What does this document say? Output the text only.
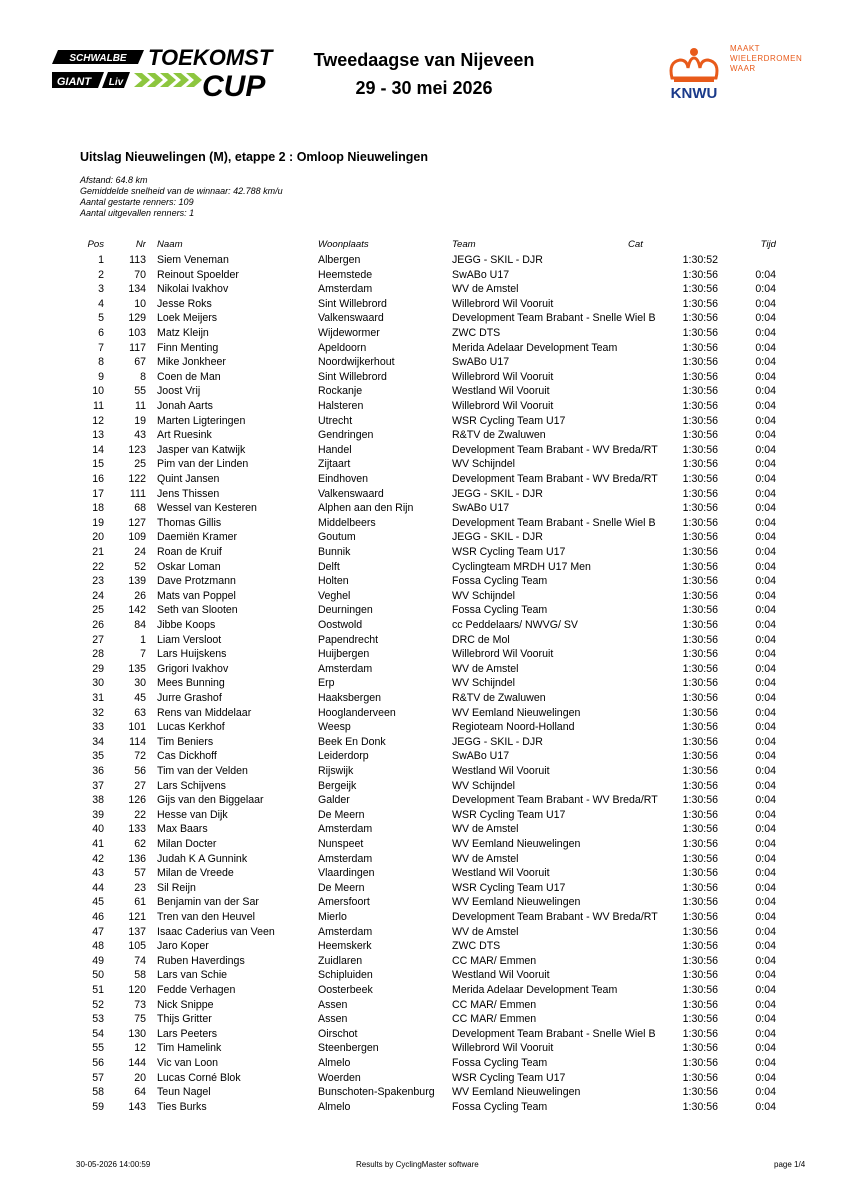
SCHWALBE TOEKOMST
GIANT Liv	CUP
Tweedaagse van Nijeveen
29 - 30 mei 2026	KNWU
MAAKT
WIELERDROMEN
WAAR
Uitslag Nieuwelingen (M), etappe 2 : Omloop Nieuwelingen
Afstand: 64.8 km
Gemiddelde snelheid van de winnaar: 42.788 km/u
Aantal gestarte renners: 109
Aantal uitgevallen renners: 1
Pos	Nr Naam	Woonplaats	Team	Cat	Tijd
1	113 Siem Veneman	Albergen	JEGG - SKIL - DJR	1:30:52
2	70 Reinout Spoelder	Heemstede	SwABo U17	1:30:56	0:04
3	134 Nikolai Ivakhov	Amsterdam	WV de Amstel	1:30:56	0:04
4	10 Jesse Roks	Sint Willebrord	Willebrord Wil Vooruit	1:30:56	0:04
5	129 Loek Meijers	Valkenswaard	Development Team Brabant - Snelle Wiel B	1:30:56	0:04
6	103 Matz Kleijn	Wijdewormer	ZWC DTS	1:30:56	0:04
7	117 Finn Menting	Apeldoorn	Merida Adelaar Development Team	1:30:56	0:04
8	67 Mike Jonkheer	Noordwijkerhout	SwABo U17	1:30:56	0:04
9	8 Coen de Man	Sint Willebrord	Willebrord Wil Vooruit	1:30:56	0:04
10	55 Joost Vrij	Rockanje	Westland Wil Vooruit	1:30:56	0:04
11	11 Jonah Aarts	Halsteren	Willebrord Wil Vooruit	1:30:56	0:04
12	19 Marten Ligteringen	Utrecht	WSR Cycling Team U17	1:30:56	0:04
13	43 Art Ruesink	Gendringen	R&TV de Zwaluwen	1:30:56	0:04
14	123 Jasper van Katwijk	Handel	Development Team Brabant - WV Breda/RT	1:30:56	0:04
15	25 Pim van der Linden	Zijtaart	WV Schijndel	1:30:56	0:04
16	122 Quint Jansen	Eindhoven	Development Team Brabant - WV Breda/RT	1:30:56	0:04
17	111 Jens Thissen	Valkenswaard	JEGG - SKIL - DJR	1:30:56	0:04
18	68 Wessel van Kesteren	Alphen aan den Rijn	SwABo U17	1:30:56	0:04
19	127 Thomas Gillis	Middelbeers	Development Team Brabant - Snelle Wiel B	1:30:56	0:04
20	109 Daemiën Kramer	Goutum	JEGG - SKIL - DJR	1:30:56	0:04
21	24 Roan de Kruif	Bunnik	WSR Cycling Team U17	1:30:56	0:04
22	52 Oskar Loman	Delft	Cyclingteam MRDH U17 Men	1:30:56	0:04
23	139 Dave Protzmann	Holten	Fossa Cycling Team	1:30:56	0:04
24	26 Mats van Poppel	Veghel	WV Schijndel	1:30:56	0:04
25	142 Seth van Slooten	Deurningen	Fossa Cycling Team	1:30:56	0:04
26	84 Jibbe Koops	Oostwold	cc Peddelaars/ NWVG/ SV	1:30:56	0:04
27	1 Liam Versloot	Papendrecht	DRC de Mol	1:30:56	0:04
28	7 Lars Huijskens	Huijbergen	Willebrord Wil Vooruit	1:30:56	0:04
29	135 Grigori Ivakhov	Amsterdam	WV de Amstel	1:30:56	0:04
30	30 Mees Bunning	Erp	WV Schijndel	1:30:56	0:04
31	45 Jurre Grashof	Haaksbergen	R&TV de Zwaluwen	1:30:56	0:04
32	63 Rens van Middelaar	Hooglanderveen	WV Eemland Nieuwelingen	1:30:56	0:04
33	101 Lucas Kerkhof	Weesp	Regioteam Noord-Holland	1:30:56	0:04
34	114 Tim Beniers	Beek En Donk	JEGG - SKIL - DJR	1:30:56	0:04
35	72 Cas Dickhoff	Leiderdorp	SwABo U17	1:30:56	0:04
36	56 Tim van der Velden	Rijswijk	Westland Wil Vooruit	1:30:56	0:04
37	27 Lars Schijvens	Bergeijk	WV Schijndel	1:30:56	0:04
38	126 Gijs van den Biggelaar	Galder	Development Team Brabant - WV Breda/RT	1:30:56	0:04
39	22 Hesse van Dijk	De Meern	WSR Cycling Team U17	1:30:56	0:04
40	133 Max Baars	Amsterdam	WV de Amstel	1:30:56	0:04
41	62 Milan Docter	Nunspeet	WV Eemland Nieuwelingen	1:30:56	0:04
42	136 Judah K A Gunnink	Amsterdam	WV de Amstel	1:30:56	0:04
43	57 Milan de Vreede	Vlaardingen	Westland Wil Vooruit	1:30:56	0:04
44	23 Sil Reijn	De Meern	WSR Cycling Team U17	1:30:56	0:04
45	61 Benjamin van der Sar	Amersfoort	WV Eemland Nieuwelingen	1:30:56	0:04
46	121 Tren van den Heuvel	Mierlo	Development Team Brabant - WV Breda/RT	1:30:56	0:04
47	137 Isaac Caderius van Veen	Amsterdam	WV de Amstel	1:30:56	0:04
48	105 Jaro Koper	Heemskerk	ZWC DTS	1:30:56	0:04
49	74 Ruben Haverdings	Zuidlaren	CC MAR/ Emmen	1:30:56	0:04
50	58 Lars van Schie	Schipluiden	Westland Wil Vooruit	1:30:56	0:04
51	120 Fedde Verhagen	Oosterbeek	Merida Adelaar Development Team	1:30:56	0:04
52	73 Nick Snippe	Assen	CC MAR/ Emmen	1:30:56	0:04
53	75 Thijs Gritter	Assen	CC MAR/ Emmen	1:30:56	0:04
54	130 Lars Peeters	Oirschot	Development Team Brabant - Snelle Wiel B	1:30:56	0:04
55	12 Tim Hamelink	Steenbergen	Willebrord Wil Vooruit	1:30:56	0:04
56	144 Vic van Loon	Almelo	Fossa Cycling Team	1:30:56	0:04
57	20 Lucas Corné Blok	Woerden	WSR Cycling Team U17	1:30:56	0:04
58	64 Teun Nagel	Bunschoten-Spakenburg	WV Eemland Nieuwelingen	1:30:56	0:04
59	143 Ties Burks	Almelo	Fossa Cycling Team	1:30:56	0:04
30-05-2026 14:00:59	Results by CyclingMaster software	page 1/4
